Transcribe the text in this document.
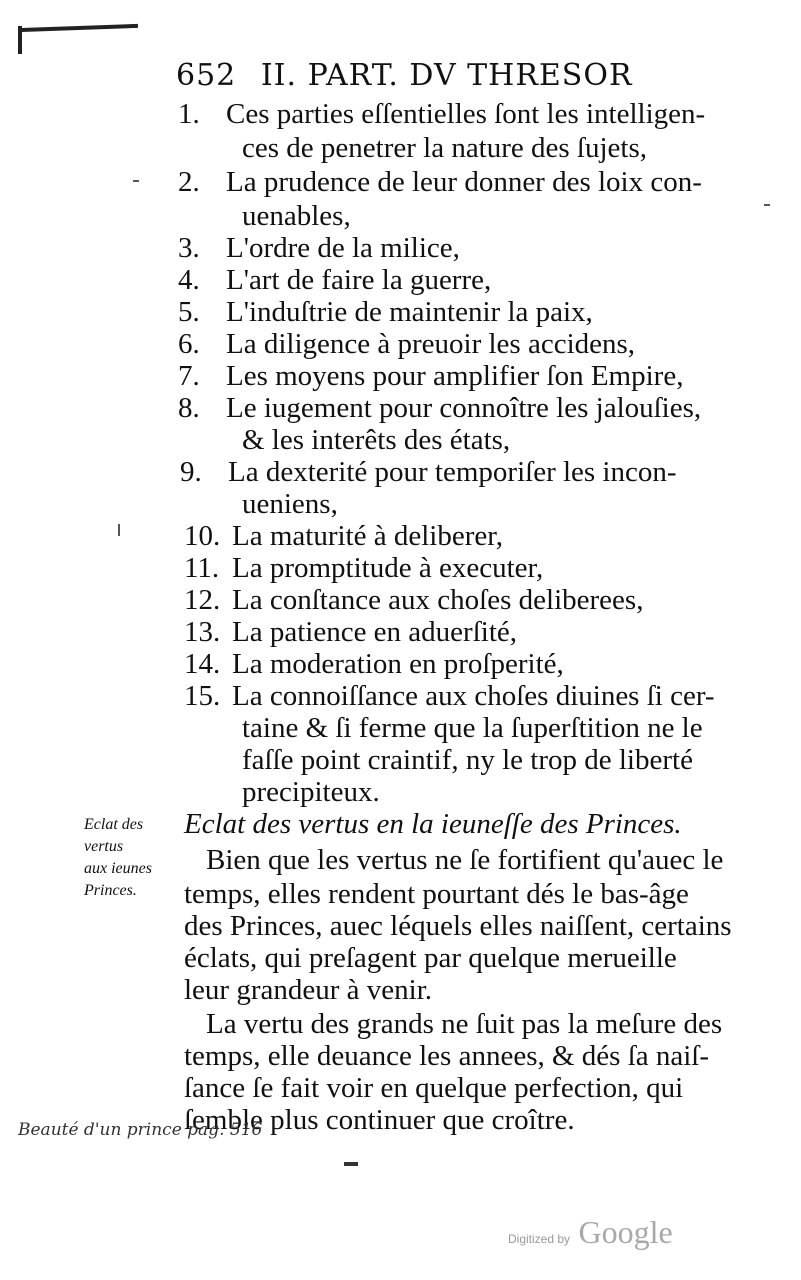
652 II. PART. DV THRESOR
1. Ces parties eſſentielles ſont les intelligen-
ces de penetrer la nature des ſujets,
2. La prudence de leur donner des loix con-
uenables,
3. L'ordre de la milice,
4. L'art de faire la guerre,
5. L'induſtrie de maintenir la paix,
6. La diligence à preuoir les accidens,
7. Les moyens pour amplifier ſon Empire,
8. Le iugement pour connoître les jalouſies,
& les interêts des états,
9. La dexterité pour temporiſer les incon-
ueniens,
10. La maturité à deliberer,
11. La promptitude à executer,
12. La conſtance aux choſes deliberees,
13. La patience en aduerſité,
14. La moderation en proſperité,
15. La connoiſſance aux choſes diuines ſi cer-
taine & ſi ferme que la ſuperſtition ne le
faſſe point craintif, ny le trop de liberté
precipiteux.
Eclat des
vertus
aux ieunes
Princes.
Eclat des vertus en la ieuneſſe des Princes.
Bien que les vertus ne ſe fortifient qu'auec le
temps, elles rendent pourtant dés le bas-âge
des Princes, auec léquels elles naiſſent, certains
éclats, qui preſagent par quelque merueille
leur grandeur à venir.
La vertu des grands ne ſuit pas la meſure des
temps, elle deuance les annees, & dés ſa naiſ-
ſance ſe fait voir en quelque perfection, qui
ſemble plus continuer que croître.
Beauté d'un prince pag. 516
Digitized by Google
